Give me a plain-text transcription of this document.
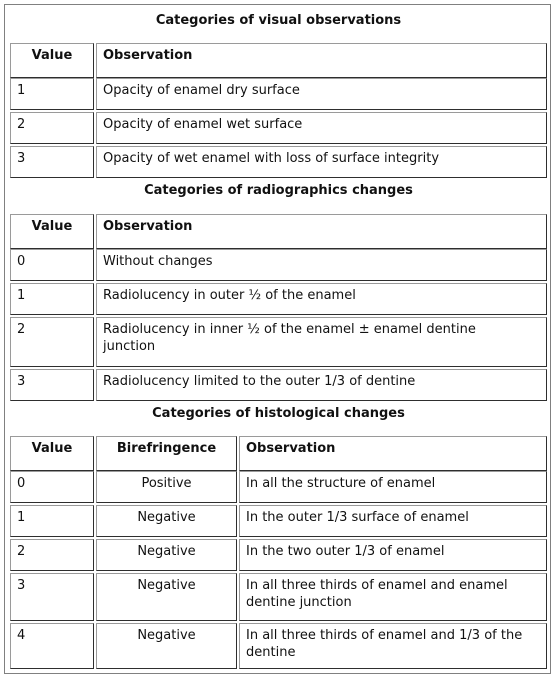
Categories of visual observations
Value	Observation
1	Opacity of enamel dry surface
2	Opacity of enamel wet surface
3	Opacity of wet enamel with loss of surface integrity
Categories of radiographics changes
Value	Observation
0	Without changes
1	Radiolucency in outer ½ of the enamel
2	Radiolucency in inner ½ of the enamel ± enamel dentine
junction
3	Radiolucency limited to the outer 1/3 of dentine
Categories of histological changes
Value	Birefringence	Observation
0	Positive	In all the structure of enamel
1	Negative	In the outer 1/3 surface of enamel
2	Negative	In the two outer 1/3 of enamel
3	Negative	In all three thirds of enamel and enamel
dentine junction
4	Negative	In all three thirds of enamel and 1/3 of the
dentine
